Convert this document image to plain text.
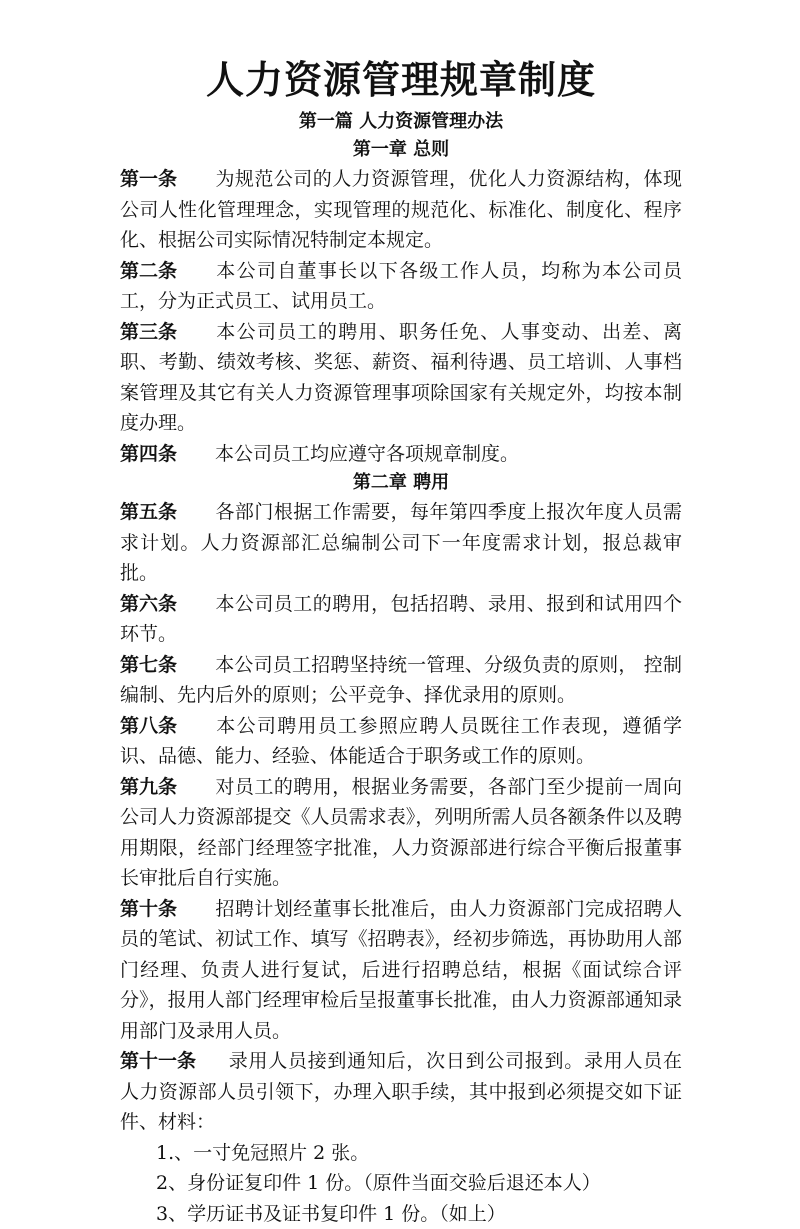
人力资源管理规章制度
第一篇 人力资源管理办法
第一章 总则

第一条 为规范公司的人力资源管理，优化人力资源结构，体现公司人性化管理理念，实现管理的规范化、标准化、制度化、程序化、根据公司实际情况特制定本规定。

第二条 本公司自董事长以下各级工作人员，均称为本公司员工，分为正式员工、试用员工。

第三条 本公司员工的聘用、职务任免、人事变动、出差、离职、考勤、绩效考核、奖惩、薪资、福利待遇、员工培训、人事档案管理及其它有关人力资源管理事项除国家有关规定外，均按本制度办理。

第四条 本公司员工均应遵守各项规章制度。

第二章 聘用

第五条 各部门根据工作需要，每年第四季度上报次年度人员需求计划。人力资源部汇总编制公司下一年度需求计划，报总裁审批。

第六条 本公司员工的聘用，包括招聘、录用、报到和试用四个环节。

第七条 本公司员工招聘坚持统一管理、分级负责的原则， 控制编制、先内后外的原则；公平竞争、择优录用的原则。

第八条 本公司聘用员工参照应聘人员既往工作表现，遵循学识、品德、能力、经验、体能适合于职务或工作的原则。

第九条 对员工的聘用，根据业务需要，各部门至少提前一周向公司人力资源部提交《人员需求表》，列明所需人员各额条件以及聘用期限，经部门经理签字批准，人力资源部进行综合平衡后报董事长审批后自行实施。

第十条 招聘计划经董事长批准后，由人力资源部门完成招聘人员的笔试、初试工作、填写《招聘表》，经初步筛选，再协助用人部门经理、负责人进行复试，后进行招聘总结，根据《面试综合评分》，报用人部门经理审检后呈报董事长批准，由人力资源部通知录用部门及录用人员。

第十一条 录用人员接到通知后，次日到公司报到。录用人员在人力资源部人员引领下，办理入职手续，其中报到必须提交如下证件、材料：

1.、一寸免冠照片 2 张。

2、身份证复印件 1 份。（原件当面交验后退还本人）

3、学历证书及证书复印件 1 份。（如上）
